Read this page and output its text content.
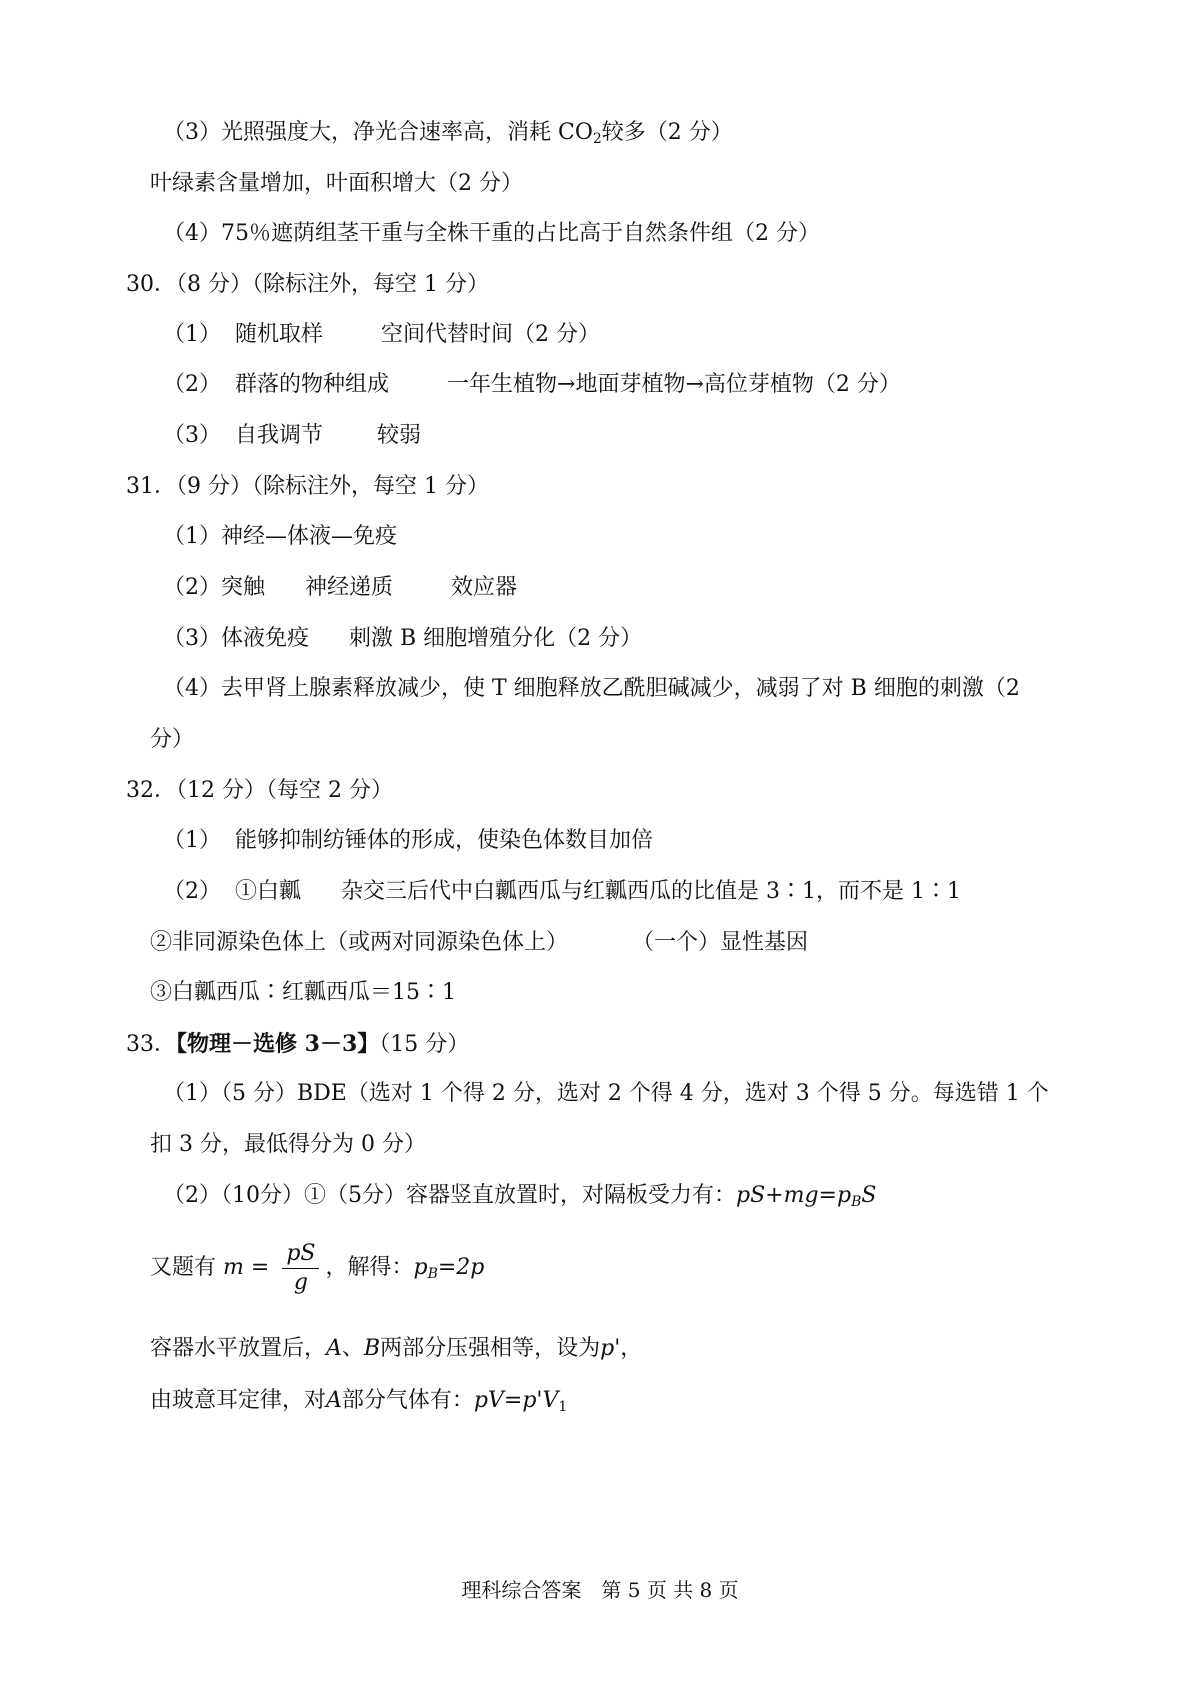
（3）光照强度大，净光合速率高，消耗 $CO_2$较多（2 分）
叶绿素含量增加，叶面积增大（2 分）
（4）75％遮荫组茎干重与全株干重的占比高于自然条件组（2 分）
30．（8 分）（除标注外，每空 1 分）
（1） 随机取样	空间代替时间（2 分）
（2） 群落的物种组成	一年生植物→地面芽植物→高位芽植物（2 分）
（3） 自我调节 较弱
31．（9 分）（除标注外，每空 1 分）
（1）神经—体液—免疫
（2）突触 神经递质	效应器
（3）体液免疫 刺激 B 细胞增殖分化（2 分）
（4）去甲肾上腺素释放减少，使 T 细胞释放乙酰胆碱减少，减弱了对 B 细胞的刺激（2
分）
32．（12 分）（每空 2 分）
（1） 能够抑制纺锤体的形成，使染色体数目加倍
（2） ①白瓤 杂交三后代中白瓤西瓜与红瓤西瓜的比值是 3∶1，而不是 1∶1
②非同源染色体上（或两对同源染色体上）	（一个）显性基因
③白瓤西瓜∶红瓤西瓜＝15∶1
33．【物理－选修 3－3】（15 分）
（1）（5 分）BDE（选对 1 个得 2 分，选对 2 个得 4 分，选对 3 个得 5 分。每选错 1 个
扣 3 分，最低得分为 0 分）
（2）（10分）①（5分）容器竖直放置时，对隔板受力有：$pS+mg=p_BS$
又题有 $m = \frac{pS}{g}$ ，解得：$p_B=2p$
容器水平放置后，A、B两部分压强相等，设为p'，
由玻意耳定律，对A部分气体有：$pV=p'V_1$
理科综合答案　第 5 页 共 8 页
